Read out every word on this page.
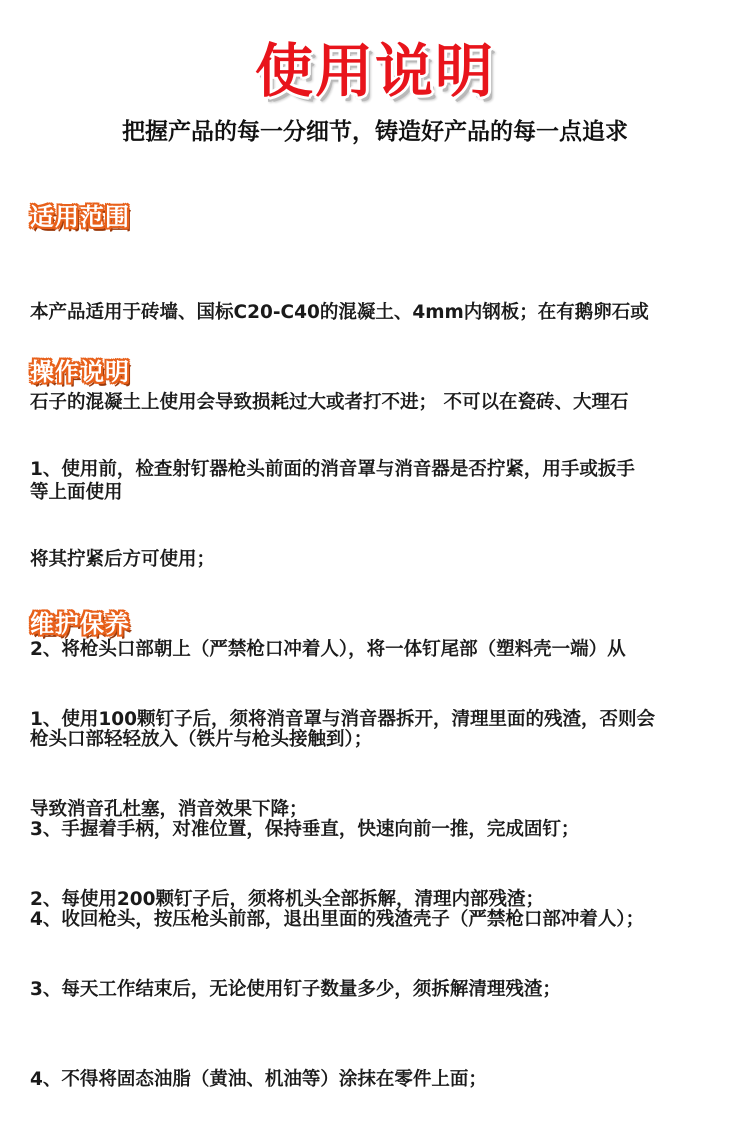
使用说明
把握产品的每一分细节，铸造好产品的每一点追求
适用范围

本产品适用于砖墙、国标C20-C40的混凝土、4mm内钢板；在有鹅卵石或

石子的混凝土上使用会导致损耗过大或者打不进； 不可以在瓷砖、大理石

等上面使用

操作说明

1、使用前，检查射钉器枪头前面的消音罩与消音器是否拧紧，用手或扳手

将其拧紧后方可使用；

2、将枪头口部朝上（严禁枪口冲着人），将一体钉尾部（塑料壳一端）从

枪头口部轻轻放入（铁片与枪头接触到）；

3、手握着手柄，对准位置，保持垂直，快速向前一推，完成固钉；

4、收回枪头，按压枪头前部，退出里面的残渣壳子（严禁枪口部冲着人）；

维护保养

1、使用100颗钉子后，须将消音罩与消音器拆开，清理里面的残渣，否则会

导致消音孔杜塞，消音效果下降；

2、每使用200颗钉子后，须将机头全部拆解，清理内部残渣；

3、每天工作结束后，无论使用钉子数量多少，须拆解清理残渣；

4、不得将固态油脂（黄油、机油等）涂抹在零件上面；
